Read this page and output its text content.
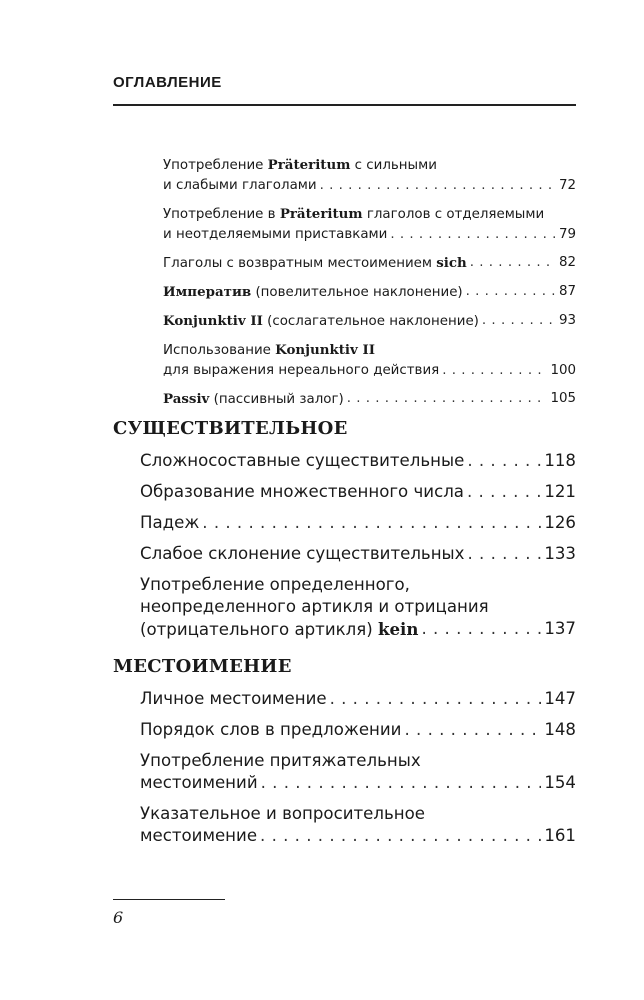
ОГЛАВЛЕНИЕ
Употребление Präteritum с сильными
и слабыми глаголами . . .	72
Употребление в Präteritum глаголов с отделяемыми
и неотделяемыми приставками . . .	79
Глаголы с возвратным местоимением sich . . .	82
Императив (повелительное наклонение) . . .	87
Konjunktiv II (сослагательное наклонение) . . .	93
Использование Konjunktiv II
для выражения нереального действия . . .	100
Passiv (пассивный залог) . . .	105
СУЩЕСТВИТЕЛЬНОЕ
Сложносоставные существительные . . .	118
Образование множественного числа . . .	121
Падеж . . .	126
Слабое склонение существительных . . .	133
Употребление определенного,
неопределенного артикля и отрицания
(отрицательного артикля) kein . . .	137
МЕСТОИМЕНИЕ
Личное местоимение . . .	147
Порядок слов в предложении . . .	148
Употребление притяжательных
местоимений . . .	154
Указательное и вопросительное
местоимение . . .	161
6
